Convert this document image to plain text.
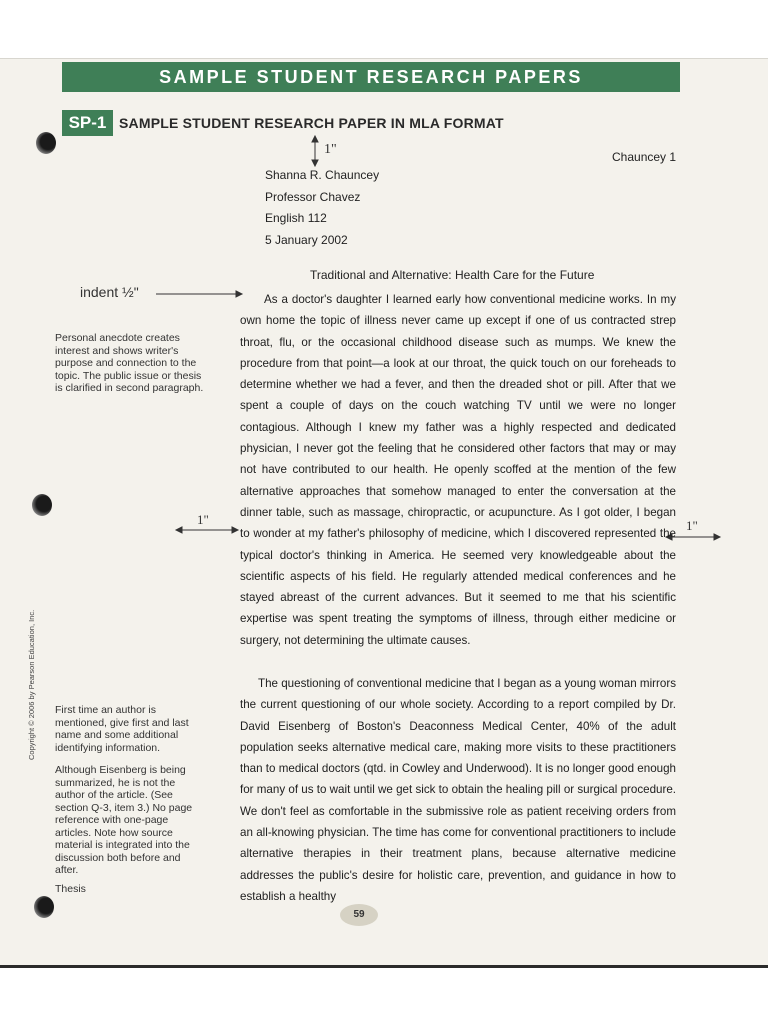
SAMPLE STUDENT RESEARCH PAPERS
SP-1 SAMPLE STUDENT RESEARCH PAPER IN MLA FORMAT
1"
indent ½"
1"	1"
Chauncey 1
Shanna R. Chauncey
Professor Chavez
English 112
5 January 2002
Traditional and Alternative: Health Care for the Future
Personal anecdote creates interest and shows writer's purpose and connection to the topic. The public issue or thesis is clarified in second paragraph.
First time an author is mentioned, give first and last name and some additional identifying information.
Although Eisenberg is being summarized, he is not the author of the article. (See section Q-3, item 3.) No page reference with one-page articles. Note how source material is integrated into the discussion both before and after.
Thesis

As a doctor's daughter I learned early how conventional medicine works. In my own home the topic of illness never came up except if one of us contracted strep throat, flu, or the occasional childhood disease such as mumps. We knew the procedure from that point—a look at our throat, the quick touch on our foreheads to determine whether we had a fever, and then the dreaded shot or pill. After that we spent a couple of days on the couch watching TV until we were no longer contagious. Although I knew my father was a highly respected and dedicated physician, I never got the feeling that he considered other factors that may or may not have contributed to our health. He openly scoffed at the mention of the few alternative approaches that somehow managed to enter the conversation at the dinner table, such as massage, chiropractic, or acupuncture. As I got older, I began to wonder at my father's philosophy of medicine, which I discovered represented the typical doctor's thinking in America. He seemed very knowledgeable about the scientific aspects of his field. He regularly attended medical conferences and he stayed abreast of the current advances. But it seemed to me that his scientific expertise was spent treating the symptoms of illness, through either medicine or surgery, not determining the ultimate causes.

The questioning of conventional medicine that I began as a young woman mirrors the current questioning of our whole society. According to a report compiled by Dr. David Eisenberg of Boston's Deaconness Medical Center, 40% of the adult population seeks alternative medical care, making more visits to these practitioners than to medical doctors (qtd. in Cowley and Underwood). It is no longer good enough for many of us to wait until we get sick to obtain the healing pill or surgical procedure. We don't feel as comfortable in the submissive role as patient receiving orders from an all-knowing physician. The time has come for conventional practitioners to include alternative therapies in their treatment plans, because alternative medicine addresses the public's desire for holistic care, prevention, and guidance in how to establish a healthy

Copyright © 2006 by Pearson Education, Inc.
59
